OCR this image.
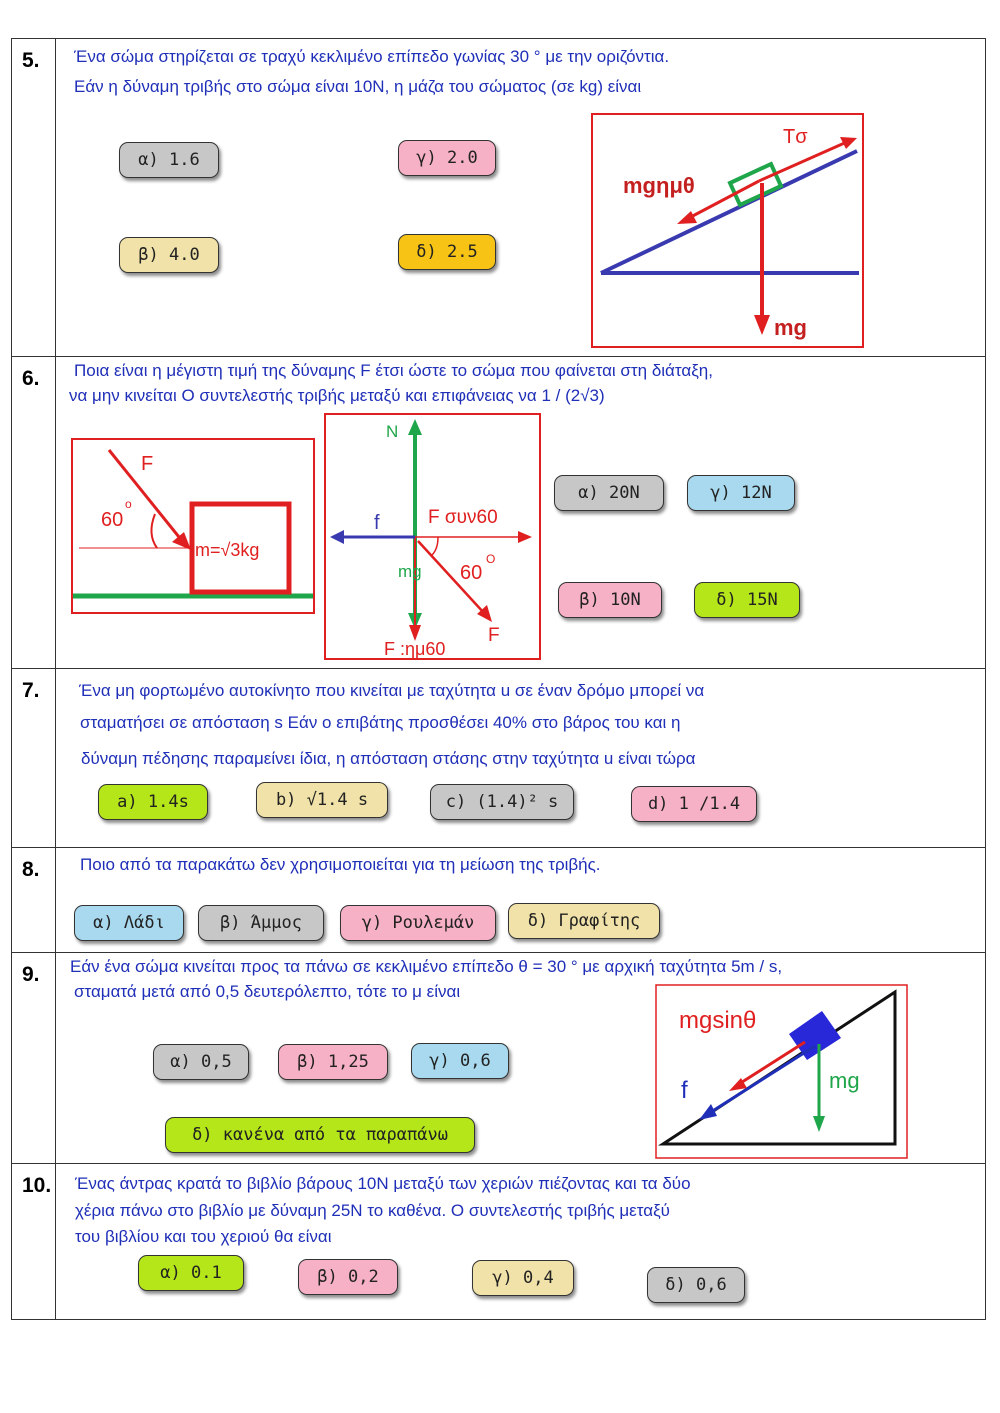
5. Ένα σώμα στηρίζεται σε τραχύ κεκλιμένο επίπεδο γωνίας 30 ° με την οριζόντια.
Εάν η δύναμη τριβής στο σώμα είναι 10N, η μάζα του σώματος (σε kg) είναι
α) 1.6	γ) 2.0
β) 4.0	δ) 2.5
Tσ
mgημθ
mg
6. Ποια είναι η μέγιστη τιμή της δύναμης F έτσι ώστε το σώμα που φαίνεται στη διάταξη,
να μην κινείται Ο συντελεστής τριβής μεταξύ και επιφάνειας να 1 / (2√3)
F
60
o
m=√3kg
N
f	F συν60
60
O
mg
F
F :ημ60
α) 20N	γ) 12N
β) 10N	δ) 15N
7. Ένα μη φορτωμένο αυτοκίνητο που κινείται με ταχύτητα u σε έναν δρόμο μπορεί να
σταματήσει σε απόσταση s Εάν ο επιβάτης προσθέσει 40% στο βάρος του και η
δύναμη πέδησης παραμείνει ίδια, η απόσταση στάσης στην ταχύτητα u είναι τώρα
a) 1.4s	b) √1.4 s	c) (1.4)² s	d) 1 /1.4
8. Ποιο από τα παρακάτω δεν χρησιμοποιείται για τη μείωση της τριβής.
α) Λάδι	β) Άμμος	γ) Ρουλεμάν	δ) Γραφίτης
9. Εάν ένα σώμα κινείται προς τα πάνω σε κεκλιμένο επίπεδο θ = 30 ° με αρχική ταχύτητα 5m / s,
σταματά μετά από 0,5 δευτερόλεπτο, τότε το μ είναι
α) 0,5	β) 1,25	γ) 0,6
δ) κανένα από τα παραπάνω
mgsinθ
mg
f
10. Ένας άντρας κρατά το βιβλίο βάρους 10N μεταξύ των χεριών πιέζοντας και τα δύο
χέρια πάνω στο βιβλίο με δύναμη 25N το καθένα. Ο συντελεστής τριβής μεταξύ
του βιβλίου και του χεριού θα είναι
α) 0.1	β) 0,2	γ) 0,4	δ) 0,6
